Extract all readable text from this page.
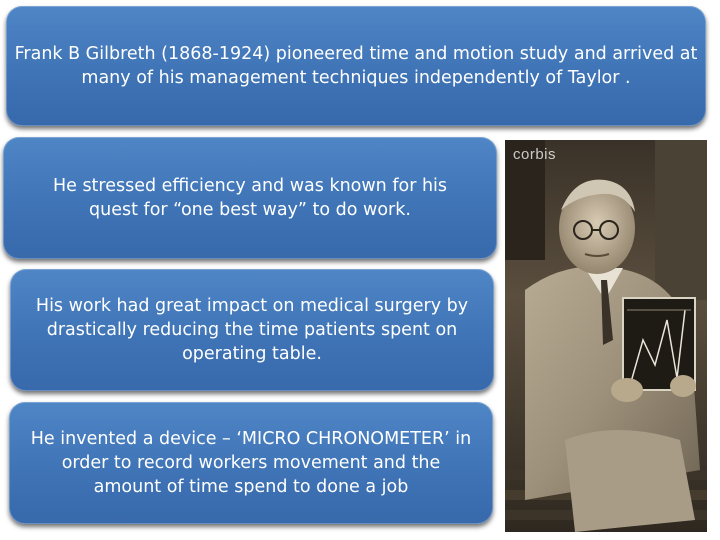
Frank B Gilbreth (1868-1924) pioneered time and motion study and arrived at many of his management techniques independently of Taylor .
He stressed efficiency and was known for his quest for “one best way” to do work.
His work had great impact on medical surgery by drastically reducing the time patients spent on operating table.
He invented a device – ‘MICRO CHRONOMETER’ in order to record workers movement and the amount of time spend to done a job
corbis
